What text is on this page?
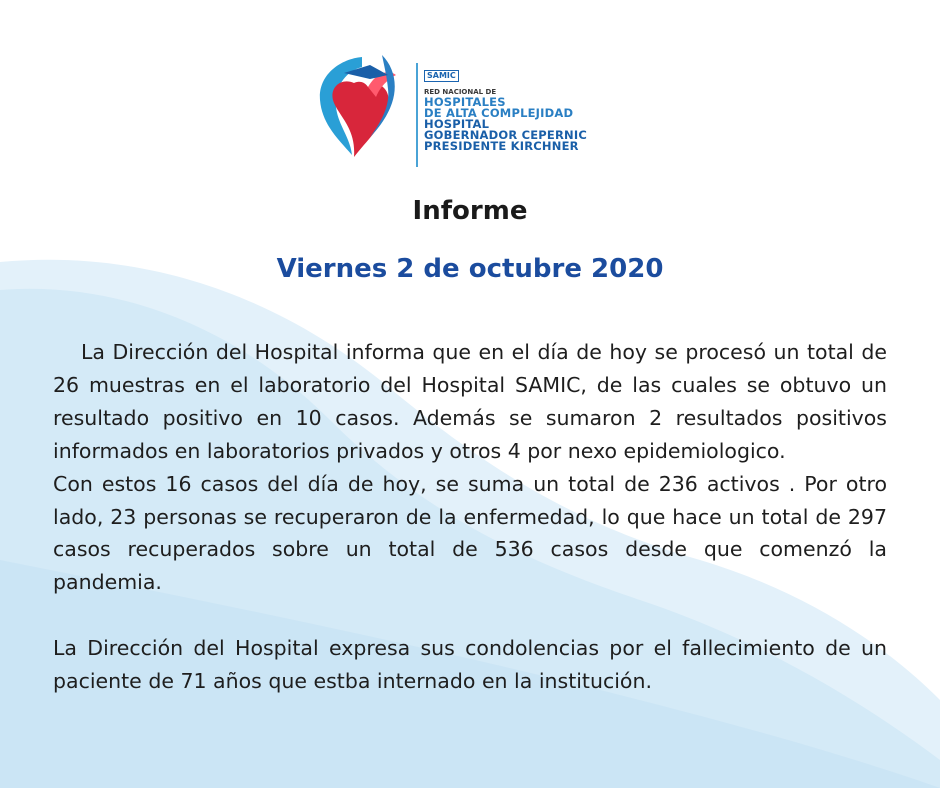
SAMIC
RED NACIONAL DE
HOSPITALES
DE ALTA COMPLEJIDAD
HOSPITAL
GOBERNADOR CEPERNIC
PRESIDENTE KIRCHNER
Informe
Viernes 2 de octubre 2020

La Dirección del Hospital informa que en el día de hoy se procesó un total de 26 muestras en el laboratorio del Hospital SAMIC, de las cuales se obtuvo un resultado positivo en 10 casos. Además se sumaron 2 resultados positivos informados en laboratorios privados y otros 4 por nexo epidemiologico.

Con estos 16 casos del día de hoy, se suma un total de 236 activos . Por otro lado, 23 personas se recuperaron de la enfermedad, lo que hace un total de 297 casos recuperados sobre un total de 536 casos desde que comenzó la pandemia.

La Dirección del Hospital expresa sus condolencias por el fallecimiento de un paciente de 71 años que estba internado en la institución.
